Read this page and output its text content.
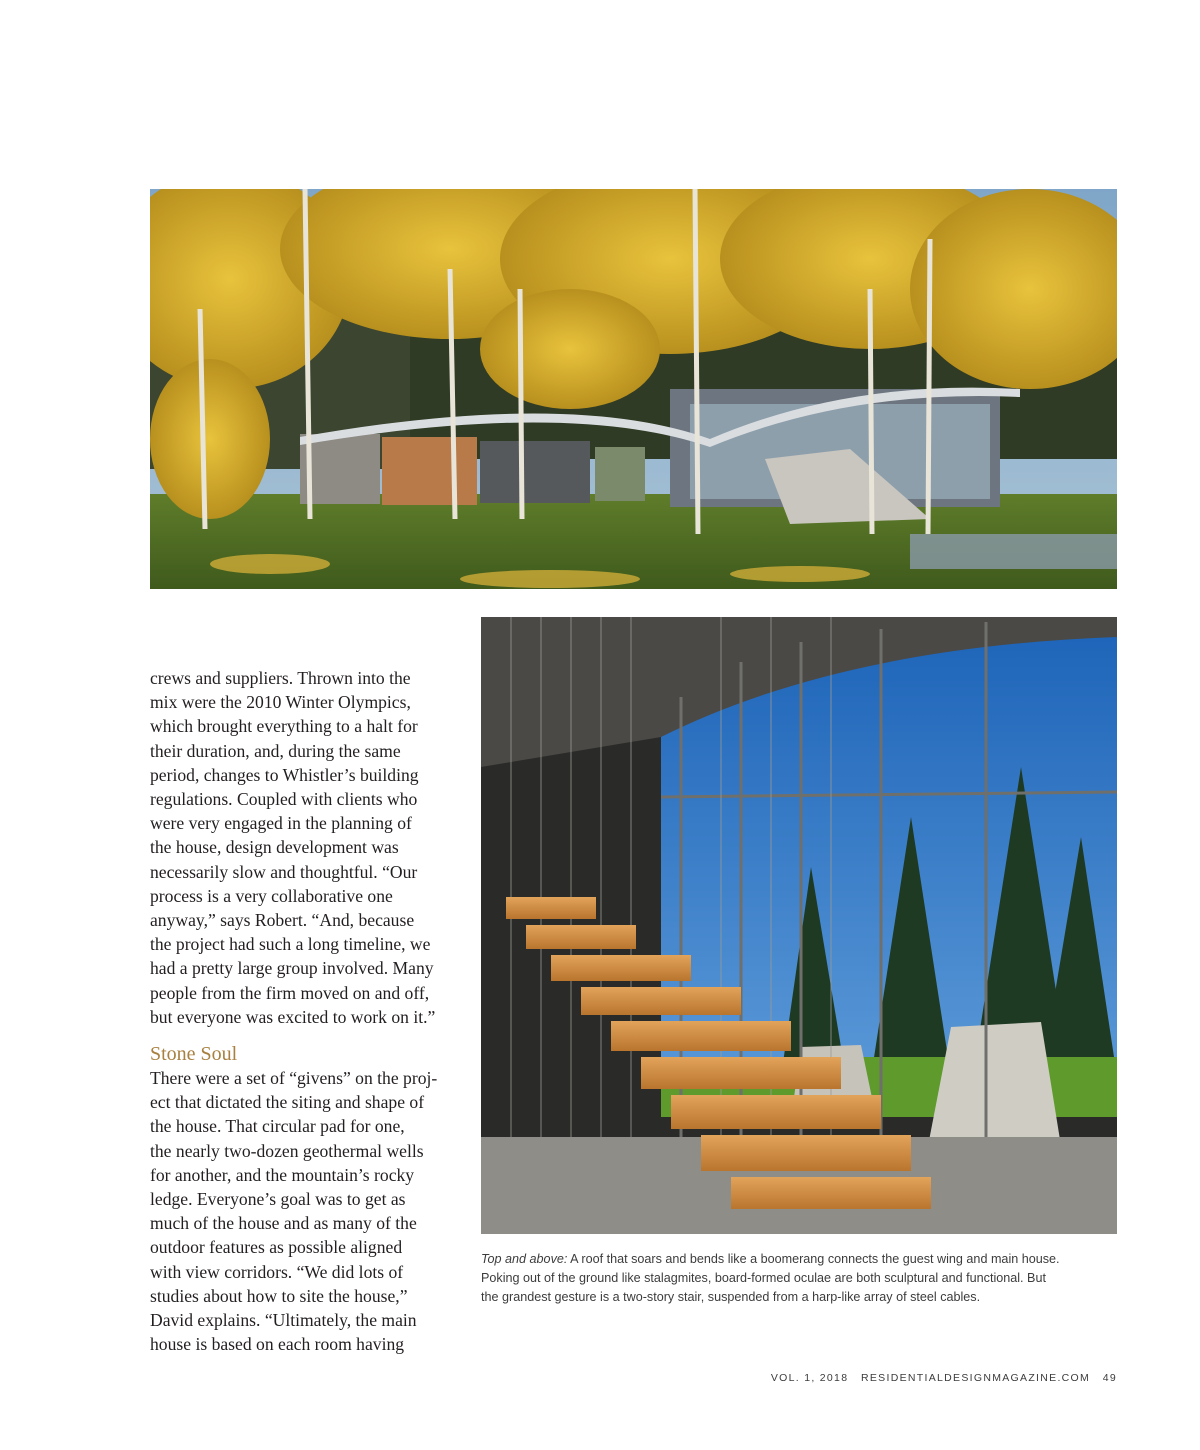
crews and suppliers. Thrown into the
mix were the 2010 Winter Olympics,
which brought everything to a halt for
their duration, and, during the same
period, changes to Whistler’s building
regulations. Coupled with clients who
were very engaged in the planning of
the house, design development was
necessarily slow and thoughtful. “Our
process is a very collaborative one
anyway,” says Robert. “And, because
the project had such a long timeline, we
had a pretty large group involved. Many
people from the firm moved on and off,
but everyone was excited to work on it.”

Stone Soul

There were a set of “givens” on the proj-
ect that dictated the siting and shape of
the house. That circular pad for one,
the nearly two-dozen geothermal wells
for another, and the mountain’s rocky
ledge. Everyone’s goal was to get as
much of the house and as many of the
outdoor features as possible aligned
with view corridors. “We did lots of
studies about how to site the house,”
David explains. “Ultimately, the main
house is based on each room having

Top and above: A roof that soars and bends like a boomerang connects the guest wing and main house.
Poking out of the ground like stalagmites, board-formed oculae are both sculptural and functional. But
the grandest gesture is a two-story stair, suspended from a harp-like array of steel cables.
VOL. 1, 2018 RESIDENTIALDESIGNMAGAZINE.COM 49
